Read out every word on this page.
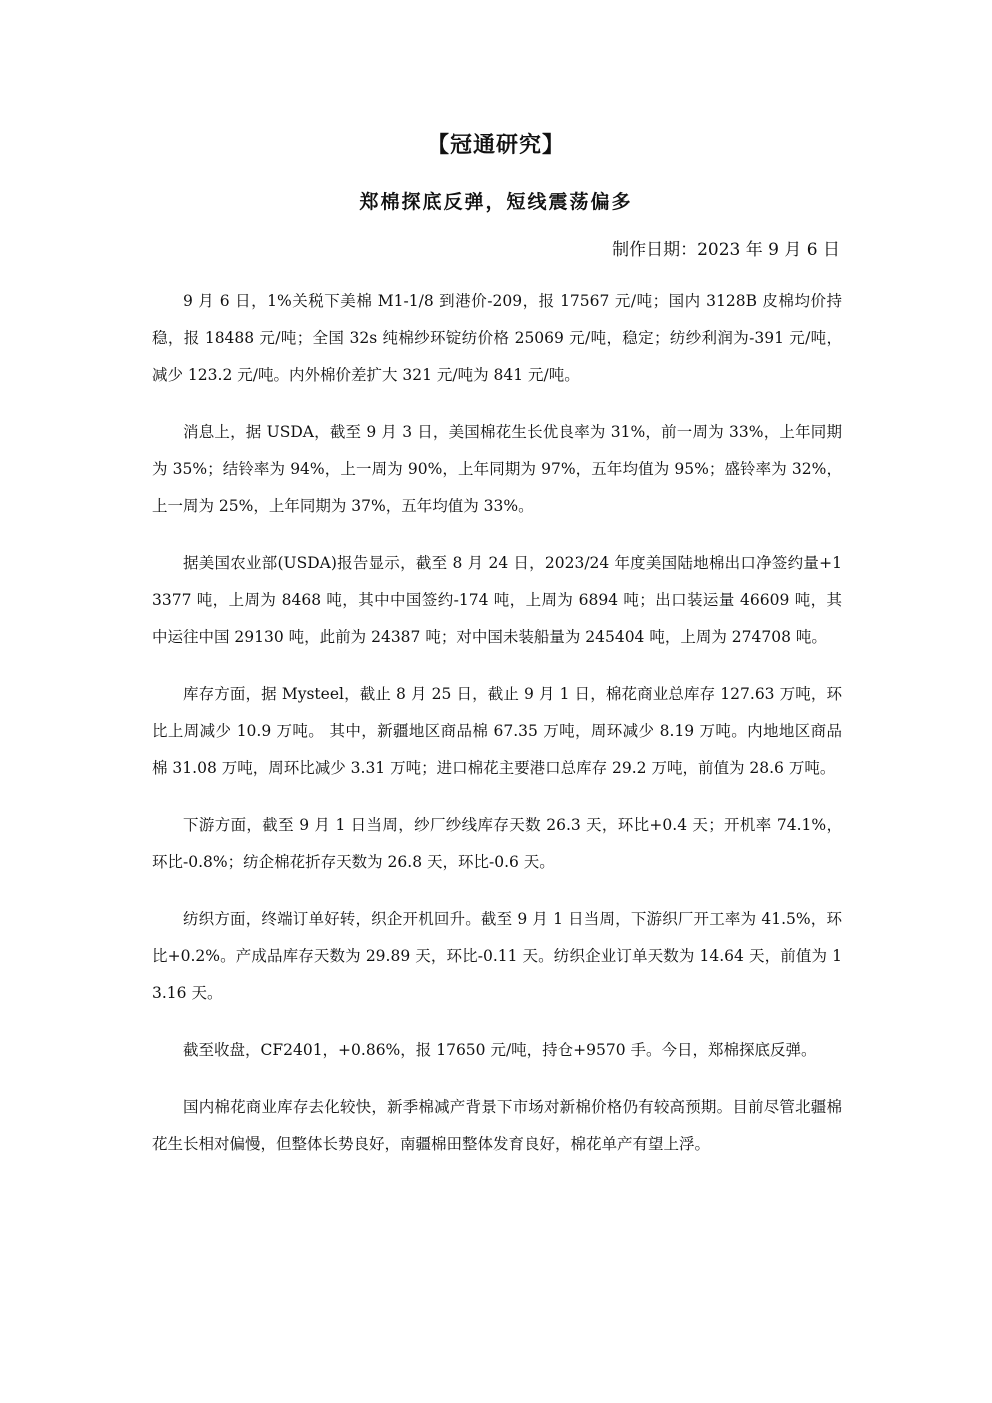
【冠通研究】
郑棉探底反弹，短线震荡偏多
制作日期：2023 年 9 月 6 日

9 月 6 日，1%关税下美棉 M1-1/8 到港价-209，报 17567 元/吨；国内 3128B 皮棉均价持稳，报 18488 元/吨；全国 32s 纯棉纱环锭纺价格 25069 元/吨，稳定；纺纱利润为-391 元/吨，减少 123.2 元/吨。内外棉价差扩大 321 元/吨为 841 元/吨。

消息上，据 USDA，截至 9 月 3 日，美国棉花生长优良率为 31%，前一周为 33%，上年同期为 35%；结铃率为 94%，上一周为 90%，上年同期为 97%，五年均值为 95%；盛铃率为 32%，上一周为 25%，上年同期为 37%，五年均值为 33%。

据美国农业部(USDA)报告显示，截至 8 月 24 日，2023/24 年度美国陆地棉出口净签约量+13377 吨，上周为 8468 吨，其中中国签约-174 吨，上周为 6894 吨；出口装运量 46609 吨，其中运往中国 29130 吨，此前为 24387 吨；对中国未装船量为 245404 吨，上周为 274708 吨。

库存方面，据 Mysteel，截止 8 月 25 日，截止 9 月 1 日，棉花商业总库存 127.63 万吨，环比上周减少 10.9 万吨。 其中，新疆地区商品棉 67.35 万吨，周环减少 8.19 万吨。内地地区商品棉 31.08 万吨，周环比减少 3.31 万吨；进口棉花主要港口总库存 29.2 万吨，前值为 28.6 万吨。

下游方面，截至 9 月 1 日当周，纱厂纱线库存天数 26.3 天，环比+0.4 天；开机率 74.1%，环比-0.8%；纺企棉花折存天数为 26.8 天，环比-0.6 天。

纺织方面，终端订单好转，织企开机回升。截至 9 月 1 日当周，下游织厂开工率为 41.5%，环比+0.2%。产成品库存天数为 29.89 天，环比-0.11 天。纺织企业订单天数为 14.64 天，前值为 13.16 天。

截至收盘，CF2401，+0.86%，报 17650 元/吨，持仓+9570 手。今日，郑棉探底反弹。

国内棉花商业库存去化较快，新季棉减产背景下市场对新棉价格仍有较高预期。目前尽管北疆棉花生长相对偏慢，但整体长势良好，南疆棉田整体发育良好，棉花单产有望上浮。
